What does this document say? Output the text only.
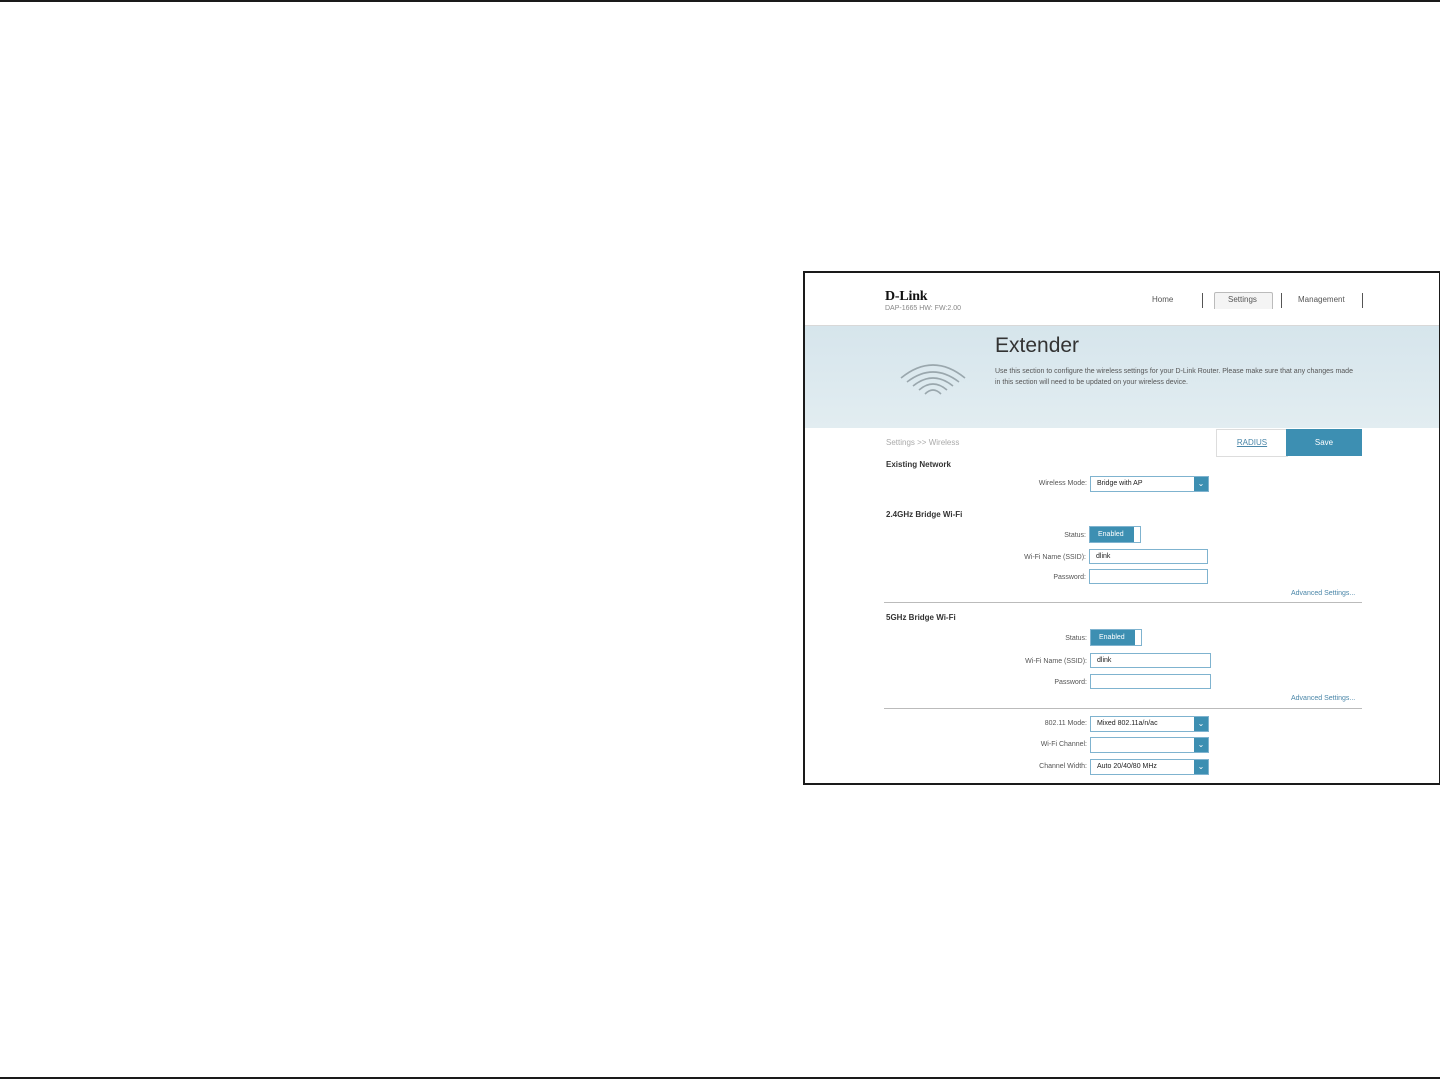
D-Link
DAP-1665 HW: FW:2.00
Home	Settings	Management
Extender
Use this section to configure the wireless settings for your D-Link Router. Please make sure that any changes made in this section will need to be updated on your wireless device.
Settings >> Wireless	RADIUS	Save
Existing Network
Wireless Mode:	Bridge with AP	⌄
2.4GHz Bridge Wi-Fi
Status:	Enabled
Wi-Fi Name (SSID):	dlink
Password:
Advanced Settings...
5GHz Bridge Wi-Fi
Status:	Enabled
Wi-Fi Name (SSID):	dlink
Password:
Advanced Settings...
802.11 Mode:	Mixed 802.11a/n/ac	⌄
Wi-Fi Channel:	⌄
Channel Width:	Auto 20/40/80 MHz	⌄
